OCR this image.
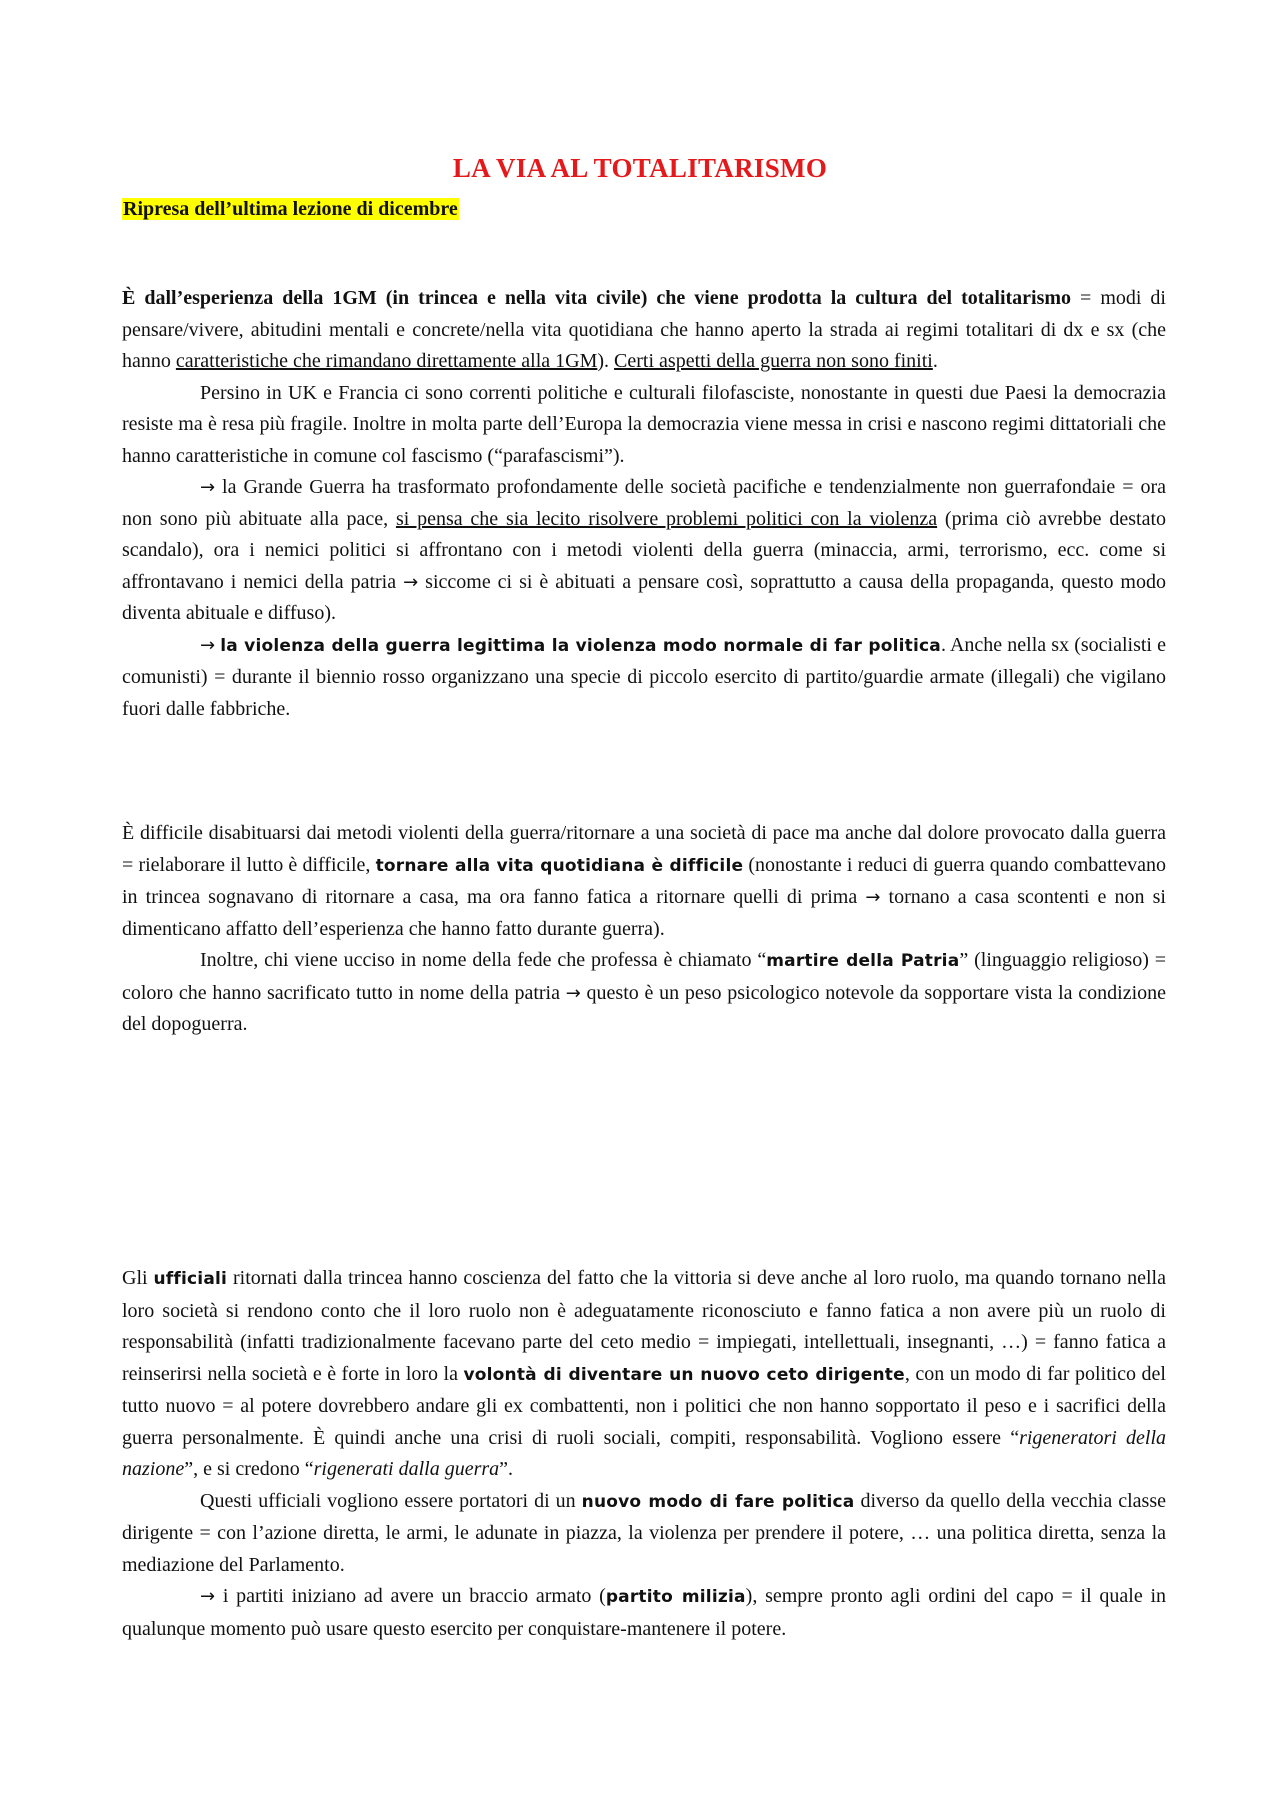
LA VIA AL TOTALITARISMO
Ripresa dell’ultima lezione di dicembre

È dall’esperienza della 1GM (in trincea e nella vita civile) che viene prodotta la cultura del totalitarismo = modi di pensare/vivere, abitudini mentali e concrete/nella vita quotidiana che hanno aperto la strada ai regimi totalitari di dx e sx (che hanno caratteristiche che rimandano direttamente alla 1GM). Certi aspetti della guerra non sono finiti.

Persino in UK e Francia ci sono correnti politiche e culturali filofasciste, nonostante in questi due Paesi la democrazia resiste ma è resa più fragile. Inoltre in molta parte dell’Europa la democrazia viene messa in crisi e nascono regimi dittatoriali che hanno caratteristiche in comune col fascismo (“parafascismi”).

→ la Grande Guerra ha trasformato profondamente delle società pacifiche e tendenzialmente non guerrafondaie = ora non sono più abituate alla pace, si pensa che sia lecito risolvere problemi politici con la violenza (prima ciò avrebbe destato scandalo), ora i nemici politici si affrontano con i metodi violenti della guerra (minaccia, armi, terrorismo, ecc. come si affrontavano i nemici della patria → siccome ci si è abituati a pensare così, soprattutto a causa della propaganda, questo modo diventa abituale e diffuso).

→ la violenza della guerra legittima la violenza modo normale di far politica. Anche nella sx (socialisti e comunisti) = durante il biennio rosso organizzano una specie di piccolo esercito di partito/guardie armate (illegali) che vigilano fuori dalle fabbriche.

È difficile disabituarsi dai metodi violenti della guerra/ritornare a una società di pace ma anche dal dolore provocato dalla guerra = rielaborare il lutto è difficile, tornare alla vita quotidiana è difficile (nonostante i reduci di guerra quando combattevano in trincea sognavano di ritornare a casa, ma ora fanno fatica a ritornare quelli di prima → tornano a casa scontenti e non si dimenticano affatto dell’esperienza che hanno fatto durante guerra).

Inoltre, chi viene ucciso in nome della fede che professa è chiamato “martire della Patria” (linguaggio religioso) = coloro che hanno sacrificato tutto in nome della patria → questo è un peso psicologico notevole da sopportare vista la condizione del dopoguerra.

Gli ufficiali ritornati dalla trincea hanno coscienza del fatto che la vittoria si deve anche al loro ruolo, ma quando tornano nella loro società si rendono conto che il loro ruolo non è adeguatamente riconosciuto e fanno fatica a non avere più un ruolo di responsabilità (infatti tradizionalmente facevano parte del ceto medio = impiegati, intellettuali, insegnanti, …) = fanno fatica a reinserirsi nella società e è forte in loro la volontà di diventare un nuovo ceto dirigente, con un modo di far politico del tutto nuovo = al potere dovrebbero andare gli ex combattenti, non i politici che non hanno sopportato il peso e i sacrifici della guerra personalmente. È quindi anche una crisi di ruoli sociali, compiti, responsabilità. Vogliono essere “rigeneratori della nazione”, e si credono “rigenerati dalla guerra”.

Questi ufficiali vogliono essere portatori di un nuovo modo di fare politica diverso da quello della vecchia classe dirigente = con l’azione diretta, le armi, le adunate in piazza, la violenza per prendere il potere, … una politica diretta, senza la mediazione del Parlamento.

→ i partiti iniziano ad avere un braccio armato (partito milizia), sempre pronto agli ordini del capo = il quale in qualunque momento può usare questo esercito per conquistare-mantenere il potere.
